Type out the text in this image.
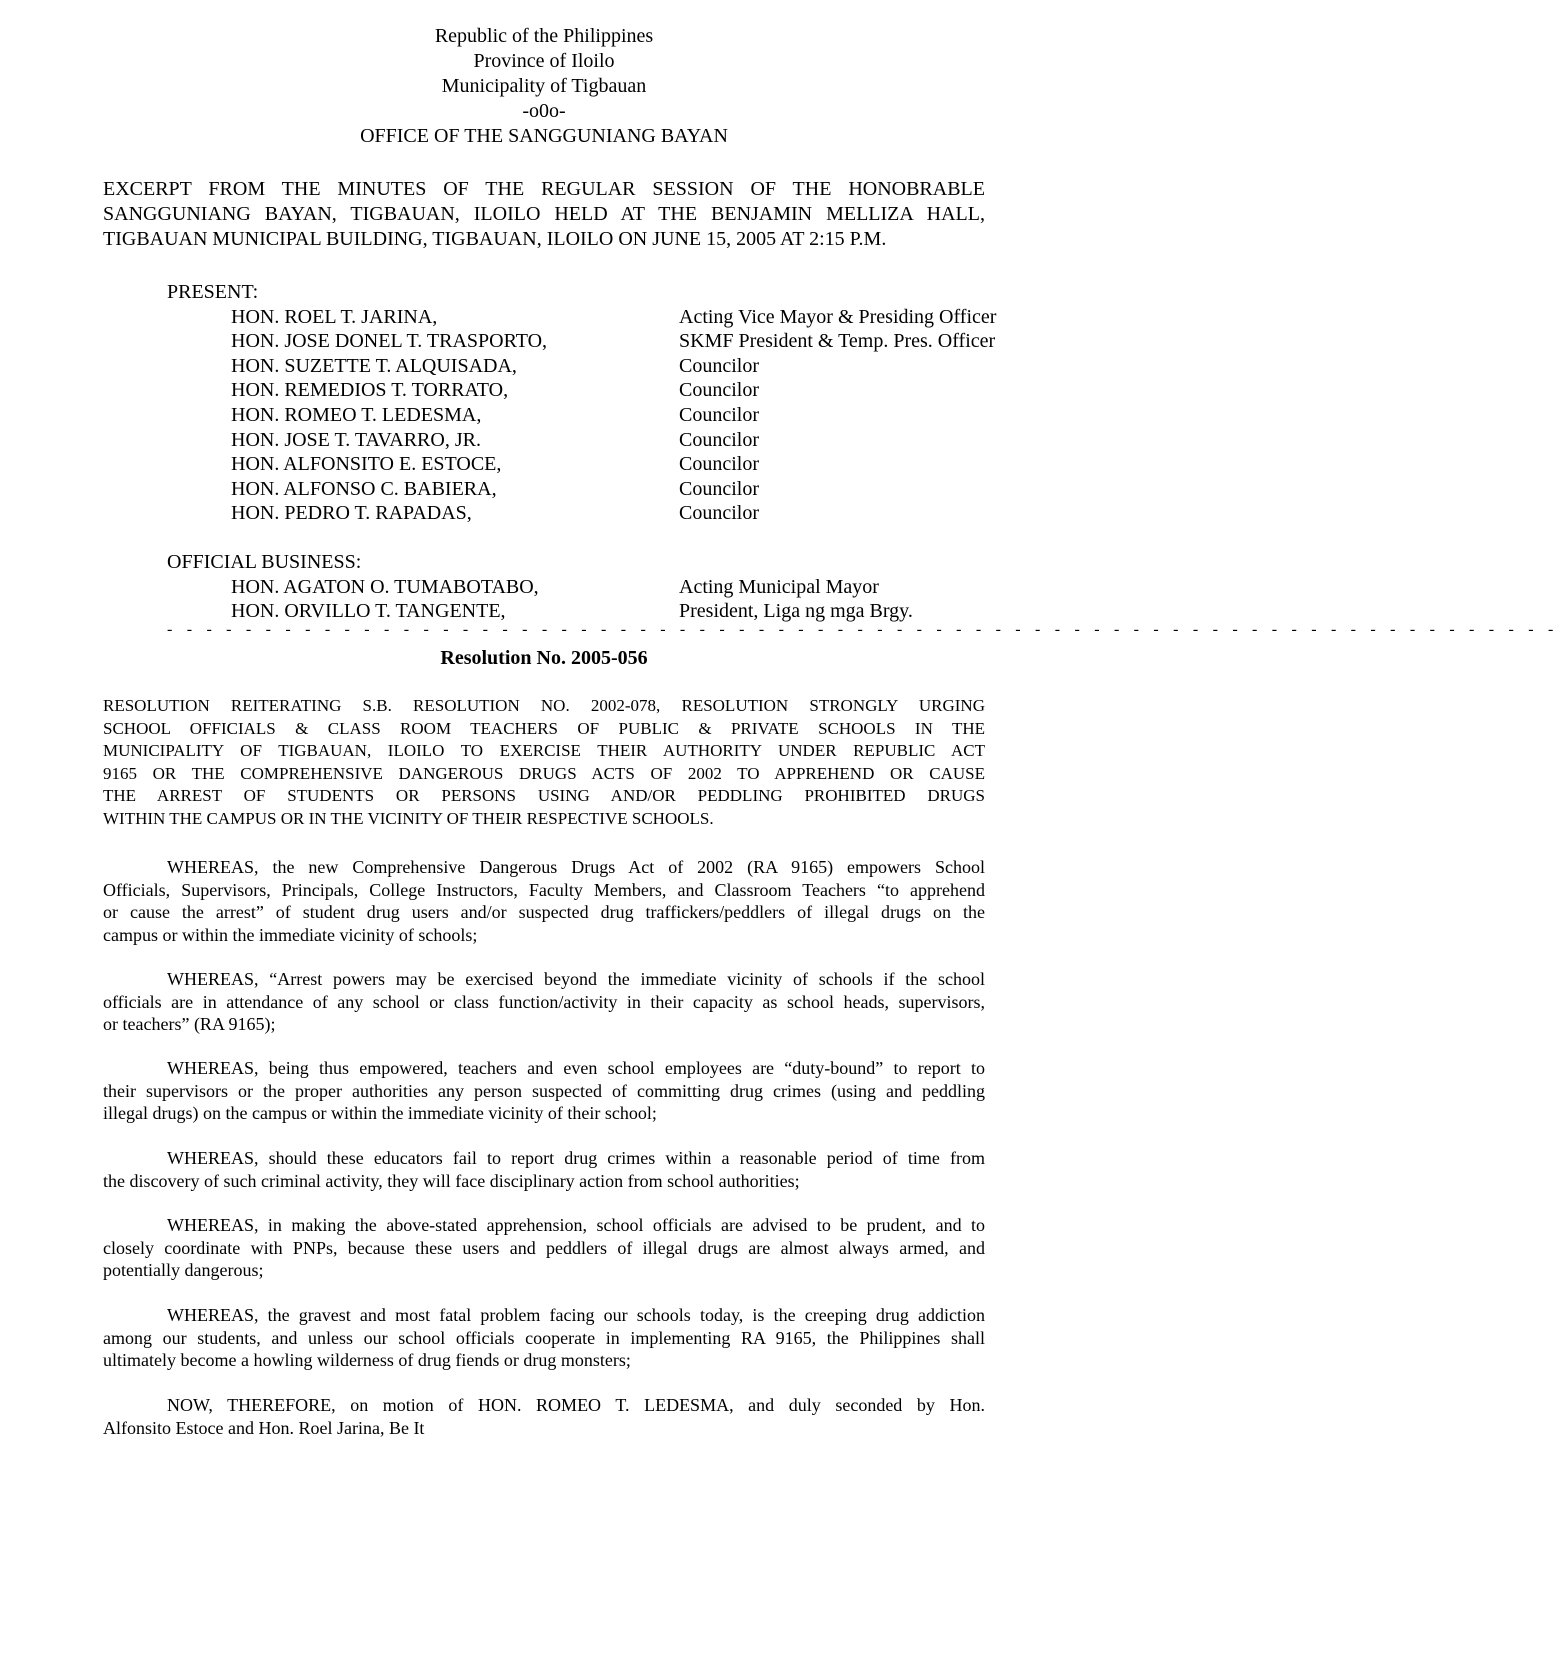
Republic of the Philippines
Province of Iloilo
Municipality of Tigbauan
-o0o-
OFFICE OF THE SANGGUNIANG BAYAN
EXCERPT FROM THE MINUTES OF THE REGULAR SESSION OF THE HONOBRABLE
SANGGUNIANG BAYAN, TIGBAUAN, ILOILO HELD AT THE BENJAMIN MELLIZA HALL,
TIGBAUAN MUNICIPAL BUILDING, TIGBAUAN, ILOILO ON JUNE 15, 2005 AT 2:15 P.M.
PRESENT:
HON. ROEL T. JARINA,	Acting Vice Mayor & Presiding Officer
HON. JOSE DONEL T. TRASPORTO,	SKMF President & Temp. Pres. Officer
HON. SUZETTE T. ALQUISADA,	Councilor
HON. REMEDIOS T. TORRATO,	Councilor
HON. ROMEO T. LEDESMA,	Councilor
HON. JOSE T. TAVARRO, JR.	Councilor
HON. ALFONSITO E. ESTOCE,	Councilor
HON. ALFONSO C. BABIERA,	Councilor
HON. PEDRO T. RAPADAS,	Councilor
OFFICIAL BUSINESS:
HON. AGATON O. TUMABOTABO,	Acting Municipal Mayor
HON. ORVILLO T. TANGENTE,	President, Liga ng mga Brgy.
- - - - - - - - - - - - - - - - - - - - - - - - - - - - - - - - - - - - - - - - - - - - - - - - - - - - - - - - - - - - - - - - - - - - - - -
Resolution No. 2005-056
RESOLUTION REITERATING S.B. RESOLUTION NO. 2002-078, RESOLUTION STRONGLY URGING
SCHOOL OFFICIALS & CLASS ROOM TEACHERS OF PUBLIC & PRIVATE SCHOOLS IN THE
MUNICIPALITY OF TIGBAUAN, ILOILO TO EXERCISE THEIR AUTHORITY UNDER REPUBLIC ACT
9165 OR THE COMPREHENSIVE DANGEROUS DRUGS ACTS OF 2002 TO APPREHEND OR CAUSE
THE ARREST OF STUDENTS OR PERSONS USING AND/OR PEDDLING PROHIBITED DRUGS
WITHIN THE CAMPUS OR IN THE VICINITY OF THEIR RESPECTIVE SCHOOLS.
WHEREAS, the new Comprehensive Dangerous Drugs Act of 2002 (RA 9165) empowers School
Officials, Supervisors, Principals, College Instructors, Faculty Members, and Classroom Teachers “to apprehend
or cause the arrest” of student drug users and/or suspected drug traffickers/peddlers of illegal drugs on the
campus or within the immediate vicinity of schools;
WHEREAS, “Arrest powers may be exercised beyond the immediate vicinity of schools if the school
officials are in attendance of any school or class function/activity in their capacity as school heads, supervisors,
or teachers” (RA 9165);
WHEREAS, being thus empowered, teachers and even school employees are “duty-bound” to report to
their supervisors or the proper authorities any person suspected of committing drug crimes (using and peddling
illegal drugs) on the campus or within the immediate vicinity of their school;
WHEREAS, should these educators fail to report drug crimes within a reasonable period of time from
the discovery of such criminal activity, they will face disciplinary action from school authorities;
WHEREAS, in making the above-stated apprehension, school officials are advised to be prudent, and to
closely coordinate with PNPs, because these users and peddlers of illegal drugs are almost always armed, and
potentially dangerous;
WHEREAS, the gravest and most fatal problem facing our schools today, is the creeping drug addiction
among our students, and unless our school officials cooperate in implementing RA 9165, the Philippines shall
ultimately become a howling wilderness of drug fiends or drug monsters;
NOW, THEREFORE, on motion of HON. ROMEO T. LEDESMA, and duly seconded by Hon.
Alfonsito Estoce and Hon. Roel Jarina, Be It
